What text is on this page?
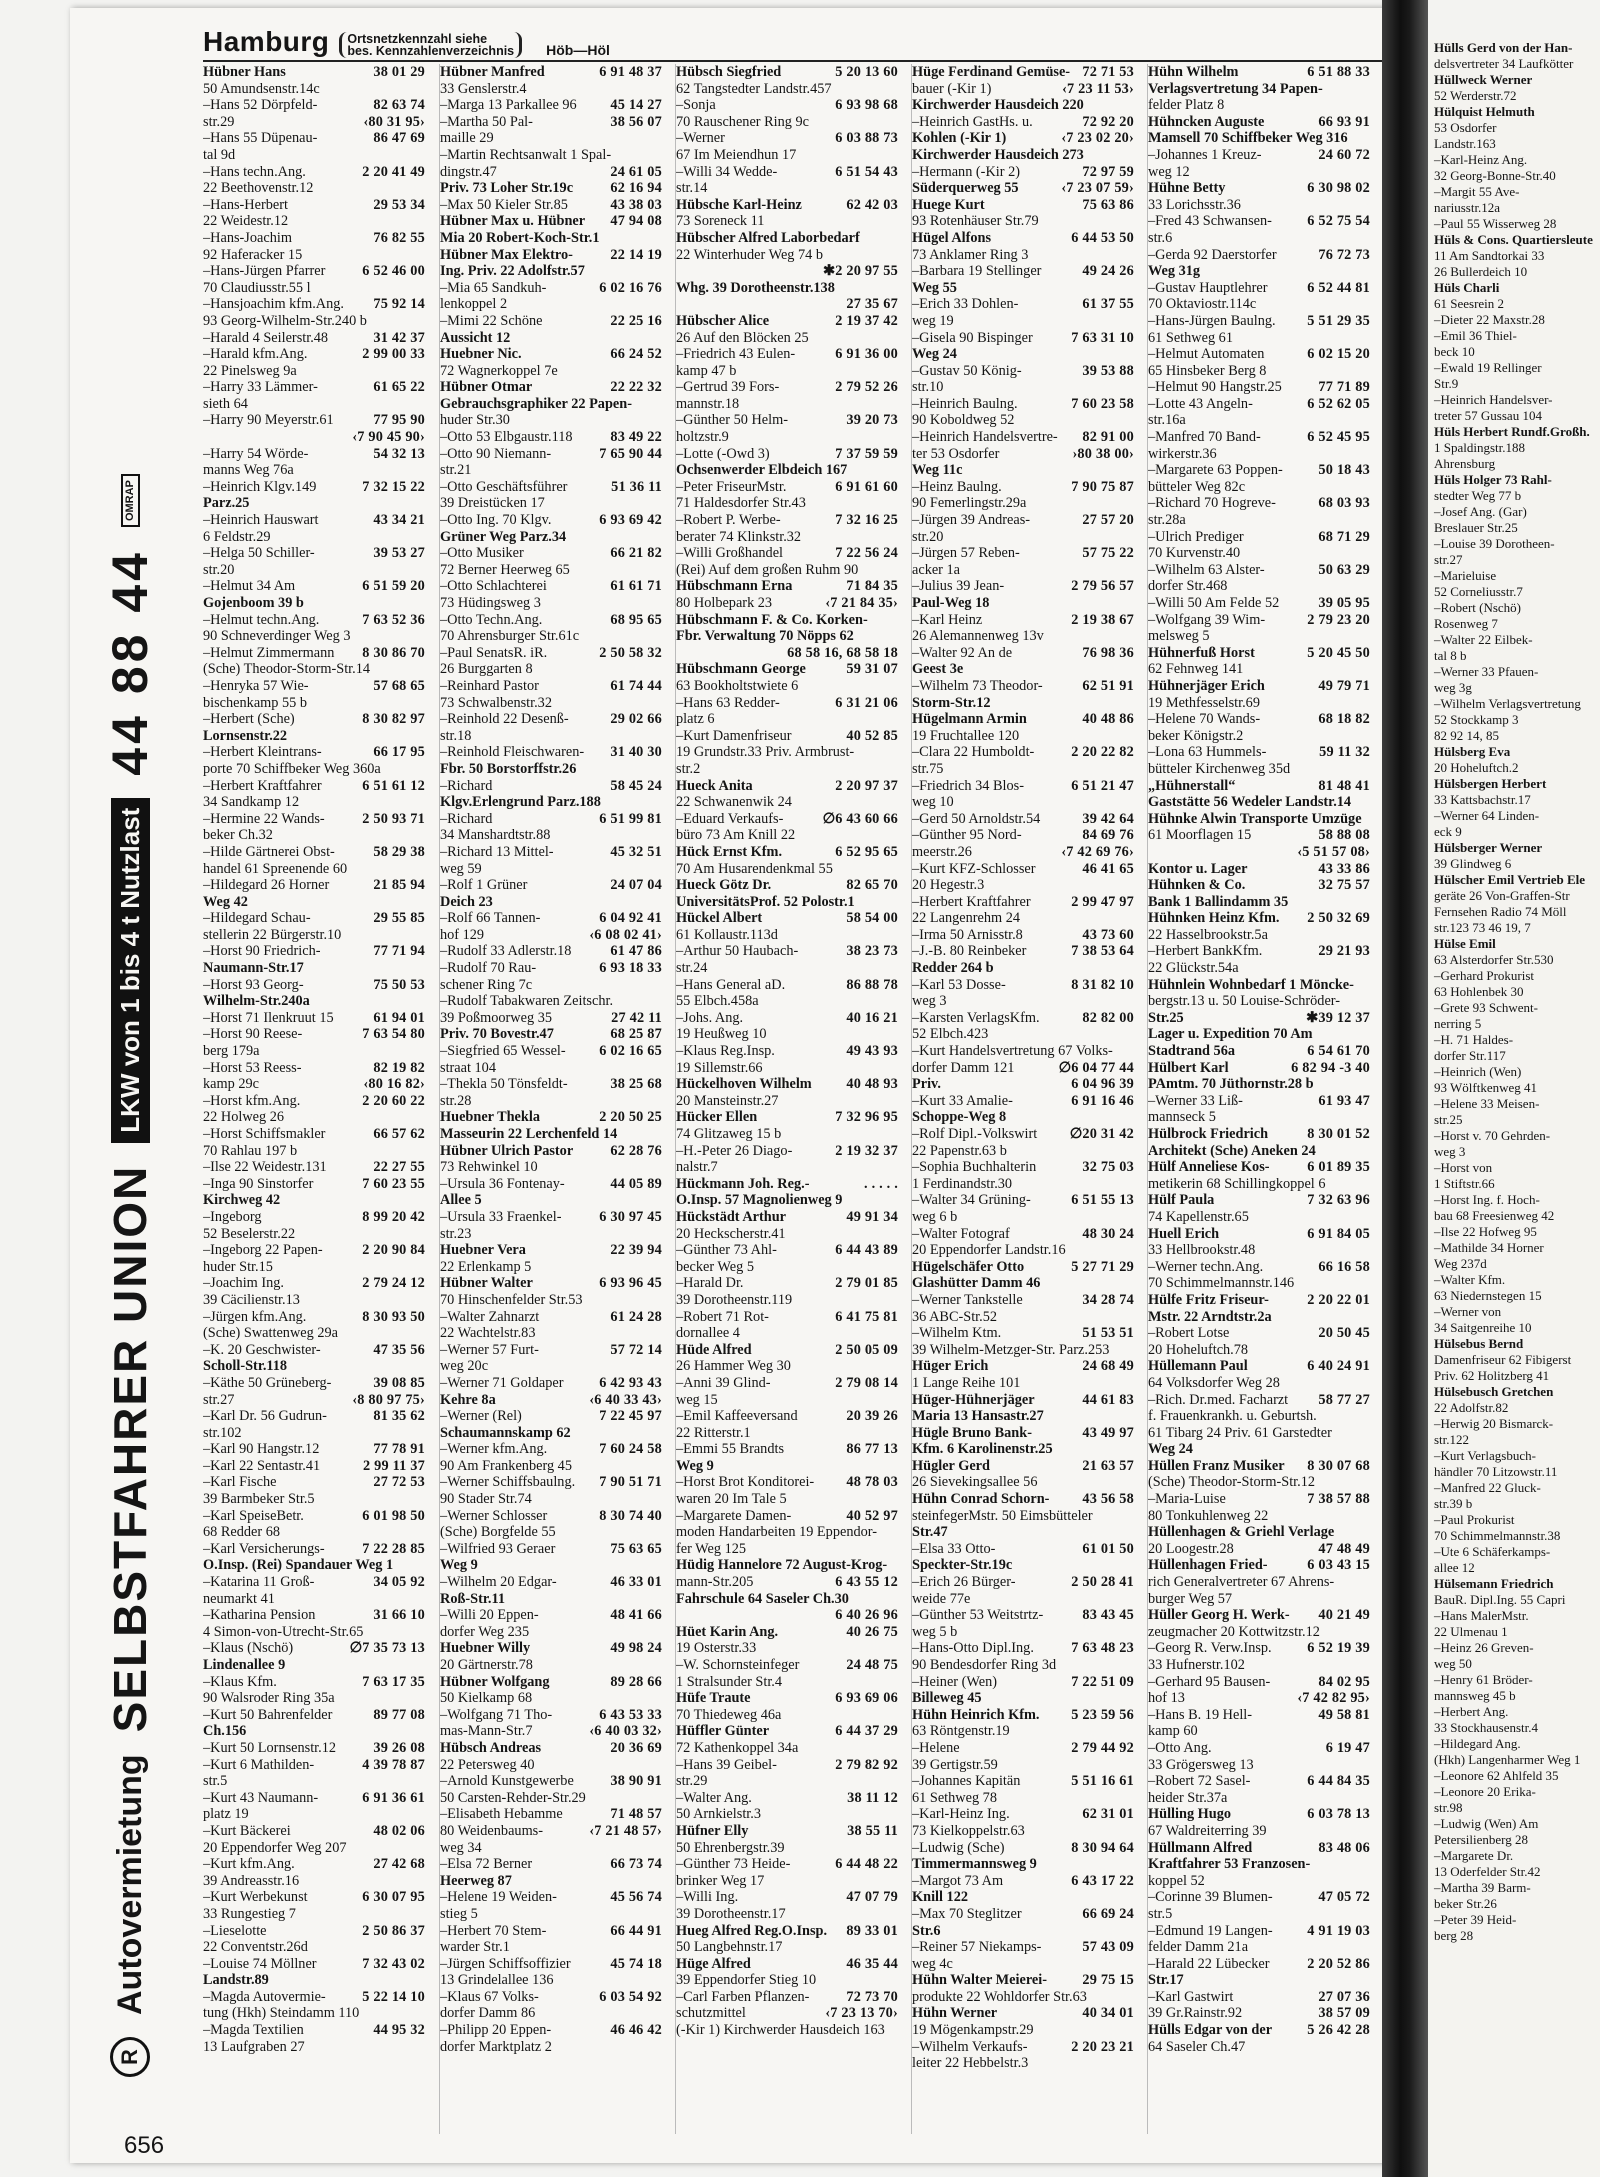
Hamburg	Ortsnetzkennzahl siehe
bes. Kennzahlenverzeichnis	Höb—Höl
R
Autovermietung
SELBSTFAHRER UNION
LKW von 1 bis 4 t Nutzlast
44 88 44
OMRAP
656
Hübner Hans	38 01 29
50 Amundsenstr.14c
–Hans 52 Dörpfeld-	82 63 74
str.29	‹80 31 95›
–Hans 55 Düpenau-	86 47 69
tal 9d
–Hans techn.Ang.	2 20 41 49
22 Beethovenstr.12
–Hans-Herbert	29 53 34
22 Weidestr.12
–Hans-Joachim	76 82 55
92 Haferacker 15
–Hans-Jürgen Pfarrer	6 52 46 00
70 Claudiusstr.55 l
–Hansjoachim kfm.Ang.	75 92 14
93 Georg-Wilhelm-Str.240 b
–Harald 4 Seilerstr.48	31 42 37
–Harald kfm.Ang.	2 99 00 33
22 Pinelsweg 9a
–Harry 33 Lämmer-	61 65 22
sieth 64
–Harry 90 Meyerstr.61	77 95 90
‹7 90 45 90›
–Harry 54 Wörde-	54 32 13
manns Weg 76a
–Heinrich Klgv.149	7 32 15 22
Parz.25
–Heinrich Hauswart	43 34 21
6 Feldstr.29
–Helga 50 Schiller-	39 53 27
str.20
–Helmut 34 Am	6 51 59 20
Gojenboom 39 b
–Helmut techn.Ang.	7 63 52 36
90 Schneverdinger Weg 3
–Helmut Zimmermann	8 30 86 70
(Sche) Theodor-Storm-Str.14
–Henryka 57 Wie-	57 68 65
bischenkamp 55 b
–Herbert (Sche)	8 30 82 97
Lornsenstr.22
–Herbert Kleintrans-	66 17 95
porte 70 Schiffbeker Weg 360a
–Herbert Kraftfahrer	6 51 61 12
34 Sandkamp 12
–Hermine 22 Wands-	2 50 93 71
beker Ch.32
–Hilde Gärtnerei Obst-	58 29 38
handel 61 Spreenende 60
–Hildegard 26 Horner	21 85 94
Weg 42
–Hildegard Schau-	29 55 85
stellerin 22 Bürgerstr.10
–Horst 90 Friedrich-	77 71 94
Naumann-Str.17
–Horst 93 Georg-	75 50 53
Wilhelm-Str.240a
–Horst 71 Ilenkruut 15	61 94 01
–Horst 90 Reese-	7 63 54 80
berg 179a
–Horst 53 Reess-	82 19 82
kamp 29c	‹80 16 82›
–Horst kfm.Ang.	2 20 60 22
22 Holweg 26
–Horst Schiffsmakler	66 57 62
70 Rahlau 197 b
–Ilse 22 Weidestr.131	22 27 55
–Inga 90 Sinstorfer	7 60 23 55
Kirchweg 42
–Ingeborg	8 99 20 42
52 Beselerstr.22
–Ingeborg 22 Papen-	2 20 90 84
huder Str.15
–Joachim Ing.	2 79 24 12
39 Cäcilienstr.13
–Jürgen kfm.Ang.	8 30 93 50
(Sche) Swattenweg 29a
–K. 20 Geschwister-	47 35 56
Scholl-Str.118
–Käthe 50 Grüneberg-	39 08 85
str.27	‹8 80 97 75›
–Karl Dr. 56 Gudrun-	81 35 62
str.102
–Karl 90 Hangstr.12	77 78 91
–Karl 22 Sentastr.41	2 99 11 37
–Karl Fische	27 72 53
39 Barmbeker Str.5
–Karl SpeiseBetr.	6 01 98 50
68 Redder 68
–Karl Versicherungs-	7 22 28 85
O.Insp. (Rei) Spandauer Weg 1
–Katarina 11 Groß-	34 05 92
neumarkt 41
–Katharina Pension	31 66 10
4 Simon-von-Utrecht-Str.65
–Klaus (Nschö)	∅7 35 73 13
Lindenallee 9
–Klaus Kfm.	7 63 17 35
90 Walsroder Ring 35a
–Kurt 50 Bahrenfelder	89 77 08
Ch.156
–Kurt 50 Lornsenstr.12	39 26 08
–Kurt 6 Mathilden-	4 39 78 87
str.5
–Kurt 43 Naumann-	6 91 36 61
platz 19
–Kurt Bäckerei	48 02 06
20 Eppendorfer Weg 207
–Kurt kfm.Ang.	27 42 68
39 Andreasstr.16
–Kurt Werbekunst	6 30 07 95
33 Rungestieg 7
–Lieselotte	2 50 86 37
22 Conventstr.26d
–Louise 74 Möllner	7 32 43 02
Landstr.89
–Magda Autovermie-	5 22 14 10
tung (Hkh) Steindamm 110
–Magda Textilien	44 95 32
13 Laufgraben 27
Hübner Manfred	6 91 48 37
33 Genslerstr.4
–Marga 13 Parkallee 96	45 14 27
–Martha 50 Pal-	38 56 07
maille 29
–Martin Rechtsanwalt 1 Spal-
dingstr.47	24 61 05
Priv. 73 Loher Str.19c	62 16 94
–Max 50 Kieler Str.85	43 38 03
Hübner Max u. Hübner	47 94 08
Mia 20 Robert-Koch-Str.1
Hübner Max Elektro-	22 14 19
Ing. Priv. 22 Adolfstr.57
–Mia 65 Sandkuh-	6 02 16 76
lenkoppel 2
–Mimi 22 Schöne	22 25 16
Aussicht 12
Huebner Nic.	66 24 52
72 Wagnerkoppel 7e
Hübner Otmar	22 22 32
Gebrauchsgraphiker 22 Papen-
huder Str.30
–Otto 53 Elbgaustr.118	83 49 22
–Otto 90 Niemann-	7 65 90 44
str.21
–Otto Geschäftsführer	51 36 11
39 Dreistücken 17
–Otto Ing. 70 Klgv.	6 93 69 42
Grüner Weg Parz.34
–Otto Musiker	66 21 82
72 Berner Heerweg 65
–Otto Schlachterei	61 61 71
73 Hüdingsweg 3
–Otto Techn.Ang.	68 95 65
70 Ahrensburger Str.61c
–Paul SenatsR. iR.	2 50 58 32
26 Burggarten 8
–Reinhard Pastor	61 74 44
73 Schwalbenstr.32
–Reinhold 22 Desenß-	29 02 66
str.18
–Reinhold Fleischwaren-	31 40 30
Fbr. 50 Borstorffstr.26
–Richard	58 45 24
Klgv.Erlengrund Parz.188
–Richard	6 51 99 81
34 Manshardtstr.88
–Richard 13 Mittel-	45 32 51
weg 59
–Rolf 1 Grüner	24 07 04
Deich 23
–Rolf 66 Tannen-	6 04 92 41
hof 129	‹6 08 02 41›
–Rudolf 33 Adlerstr.18	61 47 86
–Rudolf 70 Rau-	6 93 18 33
schener Ring 7c
–Rudolf Tabakwaren Zeitschr.
39 Poßmoorweg 35	27 42 11
Priv. 70 Bovestr.47	68 25 87
–Siegfried 65 Wessel-	6 02 16 65
straat 104
–Thekla 50 Tönsfeldt-	38 25 68
str.28
Huebner Thekla	2 20 50 25
Masseurin 22 Lerchenfeld 14
Hübner Ulrich Pastor	62 28 76
73 Rehwinkel 10
–Ursula 36 Fontenay-	44 05 89
Allee 5
–Ursula 33 Fraenkel-	6 30 97 45
str.23
Huebner Vera	22 39 94
22 Erlenkamp 5
Hübner Walter	6 93 96 45
70 Hinschenfelder Str.53
–Walter Zahnarzt	61 24 28
22 Wachtelstr.83
–Werner 57 Furt-	57 72 14
weg 20c
–Werner 71 Goldaper	6 42 93 43
Kehre 8a	‹6 40 33 43›
–Werner (Rel)	7 22 45 97
Schaumannskamp 62
–Werner kfm.Ang.	7 60 24 58
90 Am Frankenberg 45
–Werner Schiffsbaulng.	7 90 51 71
90 Stader Str.74
–Werner Schlosser	8 30 74 40
(Sche) Borgfelde 55
–Wilfried 93 Geraer	75 63 65
Weg 9
–Wilhelm 20 Edgar-	46 33 01
Roß-Str.11
–Willi 20 Eppen-	48 41 66
dorfer Weg 235
Huebner Willy	49 98 24
20 Gärtnerstr.78
Hübner Wolfgang	89 28 66
50 Kielkamp 68
–Wolfgang 71 Tho-	6 43 53 33
mas-Mann-Str.7	‹6 40 03 32›
Hübsch Andreas	20 36 69
22 Petersweg 40
–Arnold Kunstgewerbe	38 90 91
50 Carsten-Rehder-Str.29
–Elisabeth Hebamme	71 48 57
80 Weidenbaums-	‹7 21 48 57›
weg 34
–Elsa 72 Berner	66 73 74
Heerweg 87
–Helene 19 Weiden-	45 56 74
stieg 5
–Herbert 70 Stem-	66 44 91
warder Str.1
–Jürgen Schiffsoffizier	45 74 18
13 Grindelallee 136
–Klaus 67 Volks-	6 03 54 92
dorfer Damm 86
–Philipp 20 Eppen-	46 46 42
dorfer Marktplatz 2
Hübsch Siegfried	5 20 13 60
62 Tangstedter Landstr.457
–Sonja	6 93 98 68
70 Rauschener Ring 9c
–Werner	6 03 88 73
67 Im Meiendhun 17
–Willi 34 Wedde-	6 51 54 43
str.14
Hübsche Karl-Heinz	62 42 03
73 Soreneck 11
Hübscher Alfred Laborbedarf
22 Winterhuder Weg 74 b
✱2 20 97 55
Whg. 39 Dorotheenstr.138
27 35 67
Hübscher Alice	2 19 37 42
26 Auf den Blöcken 25
–Friedrich 43 Eulen-	6 91 36 00
kamp 47 b
–Gertrud 39 Fors-	2 79 52 26
mannstr.18
–Günther 50 Helm-	39 20 73
holtzstr.9
–Lotte (-Owd 3)	7 37 59 59
Ochsenwerder Elbdeich 167
–Peter FriseurMstr.	6 91 61 60
71 Haldesdorfer Str.43
–Robert P. Werbe-	7 32 16 25
berater 74 Klinkstr.32
–Willi Großhandel	7 22 56 24
(Rei) Auf dem großen Ruhm 90
Hübschmann Erna	71 84 35
80 Holbepark 23	‹7 21 84 35›
Hübschmann F. & Co. Korken-
Fbr. Verwaltung 70 Nöpps 62
68 58 16, 68 58 18
Hübschmann George	59 31 07
63 Bookholtstwiete 6
–Hans 63 Redder-	6 31 21 06
platz 6
–Kurt Damenfriseur	40 52 85
19 Grundstr.33 Priv. Armbrust-
str.2
Hueck Anita	2 20 97 37
22 Schwanenwik 24
–Eduard Verkaufs-	∅6 43 60 66
büro 73 Am Knill 22
Hück Ernst Kfm.	6 52 95 65
70 Am Husarendenkmal 55
Hueck Götz Dr.	82 65 70
UniversitätsProf. 52 Polostr.1
Hückel Albert	58 54 00
61 Kollaustr.113d
–Arthur 50 Haubach-	38 23 73
str.24
–Hans General aD.	86 88 78
55 Elbch.458a
–Johs. Ang.	40 16 21
19 Heußweg 10
–Klaus Reg.Insp.	49 43 93
19 Sillemstr.66
Hückelhoven Wilhelm	40 48 93
20 Mansteinstr.27
Hücker Ellen	7 32 96 95
74 Glitzaweg 15 b
–H.-Peter 26 Diago-	2 19 32 37
nalstr.7
Hückmann Joh. Reg.-	. . . . .
O.Insp. 57 Magnolienweg 9
Hückstädt Arthur	49 91 34
20 Heckscherstr.41
–Günther 73 Ahl-	6 44 43 89
becker Weg 5
–Harald Dr.	2 79 01 85
39 Dorotheenstr.119
–Robert 71 Rot-	6 41 75 81
dornallee 4
Hüde Alfred	2 50 05 09
26 Hammer Weg 30
–Anni 39 Glind-	2 79 08 14
weg 15
–Emil Kaffeeversand	20 39 26
22 Ritterstr.1
–Emmi 55 Brandts	86 77 13
Weg 9
–Horst Brot Konditorei-	48 78 03
waren 20 Im Tale 5
–Margarete Damen-	40 52 97
moden Handarbeiten 19 Eppendor-
fer Weg 125
Hüdig Hannelore 72 August-Krog-
mann-Str.205	6 43 55 12
Fahrschule 64 Saseler Ch.30
6 40 26 96
Hüet Karin Ang.	40 26 75
19 Osterstr.33
–W. Schornsteinfeger	24 48 75
1 Stralsunder Str.4
Hüfe Traute	6 93 69 06
70 Thiedeweg 46a
Hüffler Günter	6 44 37 29
72 Kathenkoppel 34a
–Hans 39 Geibel-	2 79 82 92
str.29
–Walter Ang.	38 11 12
50 Arnkielstr.3
Hüfner Elly	38 55 11
50 Ehrenbergstr.39
–Günther 73 Heide-	6 44 48 22
brinker Weg 17
–Willi Ing.	47 07 79
39 Dorotheenstr.17
Hueg Alfred Reg.O.Insp.	89 33 01
50 Langbehnstr.17
Hüge Alfred	46 35 44
39 Eppendorfer Stieg 10
–Carl Farben Pflanzen-	72 73 70
schutzmittel	‹7 23 13 70›
(-Kir 1) Kirchwerder Hausdeich 163
Hüge Ferdinand Gemüse- 72 71 53
bauer (-Kir 1)	‹7 23 11 53›
Kirchwerder Hausdeich 220
–Heinrich GastHs. u.	72 92 20
Kohlen (-Kir 1)	‹7 23 02 20›
Kirchwerder Hausdeich 273
–Hermann (-Kir 2)	72 97 59
Süderquerweg 55	‹7 23 07 59›
Huege Kurt	75 63 86
93 Rotenhäuser Str.79
Hügel Alfons	6 44 53 50
73 Anklamer Ring 3
–Barbara 19 Stellinger	49 24 26
Weg 55
–Erich 33 Dohlen-	61 37 55
weg 19
–Gisela 90 Bispinger	7 63 31 10
Weg 24
–Gustav 50 König-	39 53 88
str.10
–Heinrich Baulng.	7 60 23 58
90 Koboldweg 52
–Heinrich Handelsvertre-	82 91 00
ter 53 Osdorfer	›80 38 00›
Weg 11c
–Heinz Baulng.	7 90 75 87
90 Femerlingstr.29a
–Jürgen 39 Andreas-	27 57 20
str.20
–Jürgen 57 Reben-	57 75 22
acker 1a
–Julius 39 Jean-	2 79 56 57
Paul-Weg 18
–Karl Heinz	2 19 38 67
26 Alemannenweg 13v
–Walter 92 An de	76 98 36
Geest 3e
–Wilhelm 73 Theodor-	62 51 91
Storm-Str.12
Hügelmann Armin	40 48 86
19 Fruchtallee 120
–Clara 22 Humboldt-	2 20 22 82
str.75
–Friedrich 34 Blos-	6 51 21 47
weg 10
–Gerd 50 Arnoldstr.54	39 42 64
–Günther 95 Nord-	84 69 76
meerstr.26	‹7 42 69 76›
–Kurt KFZ-Schlosser	46 41 65
20 Hegestr.3
–Herbert Kraftfahrer	2 99 47 97
22 Langenrehm 24
–Irma 50 Arnisstr.8	43 73 60
–J.-B. 80 Reinbeker	7 38 53 64
Redder 264 b
–Karl 53 Dosse-	8 31 82 10
weg 3
–Karsten VerlagsKfm.	82 82 00
52 Elbch.423
–Kurt Handelsvertretung 67 Volks-
dorfer Damm 121	∅6 04 77 44
Priv.	6 04 96 39
–Kurt 33 Amalie-	6 91 16 46
Schoppe-Weg 8
–Rolf Dipl.-Volkswirt	∅20 31 42
22 Papenstr.63 b
–Sophia Buchhalterin	32 75 03
1 Ferdinandstr.30
–Walter 34 Grüning-	6 51 55 13
weg 6 b
–Walter Fotograf	48 30 24
20 Eppendorfer Landstr.16
Hügelschäfer Otto	5 27 71 29
Glashütter Damm 46
–Werner Tankstelle	34 28 74
36 ABC-Str.52
–Wilhelm Ktm.	51 53 51
39 Wilhelm-Metzger-Str. Parz.253
Hüger Erich	24 68 49
1 Lange Reihe 101
Hüger-Hühnerjäger	44 61 83
Maria 13 Hansastr.27
Hügle Bruno Bank-	43 49 97
Kfm. 6 Karolinenstr.25
Hügler Gerd	21 63 57
26 Sievekingsallee 56
Hühn Conrad Schorn-	43 56 58
steinfegerMstr. 50 Eimsbütteler
Str.47
–Elsa 33 Otto-	61 01 50
Speckter-Str.19c
–Erich 26 Bürger-	2 50 28 41
weide 77e
–Günther 53 Weitstrtz-	83 43 45
weg 5 b
–Hans-Otto Dipl.Ing.	7 63 48 23
90 Bendesdorfer Ring 3d
–Heiner (Wen)	7 22 51 09
Billeweg 45
Hühn Heinrich Kfm.	5 23 59 56
63 Röntgenstr.19
–Helene	2 79 44 92
39 Gertigstr.59
–Johannes Kapitän	5 51 16 61
61 Sethweg 78
–Karl-Heinz Ing.	62 31 01
73 Kielkoppelstr.63
–Ludwig (Sche)	8 30 94 64
Timmermannsweg 9
–Margot 73 Am	6 43 17 22
Knill 122
–Max 70 Steglitzer	66 69 24
Str.6
–Reiner 57 Niekamps-	57 43 09
weg 4c
Hühn Walter Meierei-	29 75 15
produkte 22 Wohldorfer Str.63
Hühn Werner	40 34 01
19 Mögenkampstr.29
–Wilhelm Verkaufs-	2 20 23 21
leiter 22 Hebbelstr.3
Hühn Wilhelm	6 51 88 33
Verlagsvertretung 34 Papen-
felder Platz 8
Hühncken Auguste	66 93 91
Mamsell 70 Schiffbeker Weg 316
–Johannes 1 Kreuz-	24 60 72
weg 12
Hühne Betty	6 30 98 02
33 Lorichsstr.36
–Fred 43 Schwansen-	6 52 75 54
str.6
–Gerda 92 Daerstorfer	76 72 73
Weg 31g
–Gustav Hauptlehrer	6 52 44 81
70 Oktaviostr.114c
–Hans-Jürgen Baulng.	5 51 29 35
61 Sethweg 61
–Helmut Automaten	6 02 15 20
65 Hinsbeker Berg 8
–Helmut 90 Hangstr.25	77 71 89
–Lotte 43 Angeln-	6 52 62 05
str.16a
–Manfred 70 Band-	6 52 45 95
wirkerstr.36
–Margarete 63 Poppen-	50 18 43
bütteler Weg 82c
–Richard 70 Hogreve-	68 03 93
str.28a
–Ulrich Prediger	68 71 29
70 Kurvenstr.40
–Wilhelm 63 Alster-	50 63 29
dorfer Str.468
–Willi 50 Am Felde 52	39 05 95
–Wolfgang 39 Wim-	2 79 23 20
melsweg 5
Hühnerfuß Horst	5 20 45 50
62 Fehnweg 141
Hühnerjäger Erich	49 79 71
19 Methfesselstr.69
–Helene 70 Wands-	68 18 82
beker Königstr.2
–Lona 63 Hummels-	59 11 32
bütteler Kirchenweg 35d
„Hühnerstall“	81 48 41
Gaststätte 56 Wedeler Landstr.14
Hühnke Alwin Transporte Umzüge
61 Moorflagen 15	58 88 08
‹5 51 57 08›
Kontor u. Lager	43 33 86
Hühnken & Co.	32 75 57
Bank 1 Ballindamm 35
Hühnken Heinz Kfm.	2 50 32 69
22 Hasselbrookstr.5a
–Herbert BankKfm.	29 21 93
22 Glückstr.54a
Hühnlein Wohnbedarf 1 Möncke-
bergstr.13 u. 50 Louise-Schröder-
Str.25	✱39 12 37
Lager u. Expedition 70 Am
Stadtrand 56a	6 54 61 70
Hülbert Karl	6 82 94 -3 40
PAmtm. 70 Jüthornstr.28 b
–Werner 33 Liß-	61 93 47
mannseck 5
Hülbrock Friedrich	8 30 01 52
Architekt (Sche) Aneken 24
Hülf Anneliese Kos-	6 01 89 35
metikerin 68 Schillingkoppel 6
Hülf Paula	7 32 63 96
74 Kapellenstr.65
Huell Erich	6 91 84 05
33 Hellbrookstr.48
–Werner techn.Ang.	66 16 58
70 Schimmelmannstr.146
Hülfe Fritz Friseur-	2 20 22 01
Mstr. 22 Arndtstr.2a
–Robert Lotse	20 50 45
20 Hoheluftch.78
Hüllemann Paul	6 40 24 91
64 Volksdorfer Weg 28
–Rich. Dr.med. Facharzt	58 77 27
f. Frauenkrankh. u. Geburtsh.
61 Tibarg 24 Priv. 61 Garstedter
Weg 24
Hüllen Franz Musiker	8 30 07 68
(Sche) Theodor-Storm-Str.12
–Maria-Luise	7 38 57 88
80 Tonkuhlenweg 22
Hüllenhagen & Griehl Verlage
20 Loogestr.28	47 48 49
Hüllenhagen Fried-	6 03 43 15
rich Generalvertreter 67 Ahrens-
burger Weg 57
Hüller Georg H. Werk-	40 21 49
zeugmacher 20 Kottwitzstr.12
–Georg R. Verw.Insp.	6 52 19 39
33 Hufnerstr.102
–Gerhard 95 Bausen-	84 02 95
hof 13	‹7 42 82 95›
–Hans B. 19 Hell-	49 58 81
kamp 60
–Otto Ang.	6 19 47
33 Grögersweg 13
–Robert 72 Sasel-	6 44 84 35
heider Str.37a
Hülling Hugo	6 03 78 13
67 Waldreiterring 39
Hüllmann Alfred	83 48 06
Kraftfahrer 53 Franzosen-
koppel 52
–Corinne 39 Blumen-	47 05 72
str.5
–Edmund 19 Langen-	4 91 19 03
felder Damm 21a
–Harald 22 Lübecker	2 20 52 86
Str.17
–Karl Gastwirt	27 07 36
39 Gr.Rainstr.92	38 57 09
Hülls Edgar von der	5 26 42 28
64 Saseler Ch.47
Hülls Gerd von der Han-
delsvertreter 34 Laufkötter
Hüllweck Werner
52 Werderstr.72
Hülquist Helmuth
53 Osdorfer
Landstr.163
–Karl-Heinz Ang.
32 Georg-Bonne-Str.40
–Margit 55 Ave-
nariusstr.12a
–Paul 55 Wisserweg 28
Hüls & Cons. Quartiersleute
11 Am Sandtorkai 33
26 Bullerdeich 10
Hüls Charli
61 Seesrein 2
–Dieter 22 Maxstr.28
–Emil 36 Thiel-
beck 10
–Ewald 19 Rellinger
Str.9
–Heinrich Handelsver-
treter 57 Gussau 104
Hüls Herbert Rundf.Großh.
1 Spaldingstr.188
Ahrensburg
Hüls Holger 73 Rahl-
stedter Weg 77 b
–Josef Ang. (Gar)
Breslauer Str.25
–Louise 39 Dorotheen-
str.27
–Marieluise
52 Corneliusstr.7
–Robert (Nschö)
Rosenweg 7
–Walter 22 Eilbek-
tal 8 b
–Werner 33 Pfauen-
weg 3g
–Wilhelm Verlagsvertretung
52 Stockkamp 3
82 92 14, 85
Hülsberg Eva
20 Hoheluftch.2
Hülsbergen Herbert
33 Kattsbachstr.17
–Werner 64 Linden-
eck 9
Hülsberger Werner
39 Glindweg 6
Hülscher Emil Vertrieb Ele
geräte 26 Von-Graffen-Str
Fernsehen Radio 74 Möll
str.123 73 46 19, 7
Hülse Emil
63 Alsterdorfer Str.530
–Gerhard Prokurist
63 Hohlenbek 30
–Grete 93 Schwent-
nerring 5
–H. 71 Haldes-
dorfer Str.117
–Heinrich (Wen)
93 Wölftkenweg 41
–Helene 33 Meisen-
str.25
–Horst v. 70 Gehrden-
weg 3
–Horst von
1 Stiftstr.66
–Horst Ing. f. Hoch-
bau 68 Freesienweg 42
–Ilse 22 Hofweg 95
–Mathilde 34 Horner
Weg 237d
–Walter Kfm.
63 Niedernstegen 15
–Werner von
34 Saitgenreihe 10
Hülsebus Bernd
Damenfriseur 62 Fibigerst
Priv. 62 Holitzberg 41
Hülsebusch Gretchen
22 Adolfstr.82
–Herwig 20 Bismarck-
str.122
–Kurt Verlagsbuch-
händler 70 Litzowstr.11
–Manfred 22 Gluck-
str.39 b
–Paul Prokurist
70 Schimmelmannstr.38
–Ute 6 Schäferkamps-
allee 12
Hülsemann Friedrich
BauR. Dipl.Ing. 55 Capri
–Hans MalerMstr.
22 Ulmenau 1
–Heinz 26 Greven-
weg 50
–Henry 61 Bröder-
mannsweg 45 b
–Herbert Ang.
33 Stockhausenstr.4
–Hildegard Ang.
(Hkh) Langenharmer Weg 1
–Leonore 62 Ahlfeld 35
–Leonore 20 Erika-
str.98
–Ludwig (Wen) Am
Petersilienberg 28
–Margarete Dr.
13 Oderfelder Str.42
–Martha 39 Barm-
beker Str.26
–Peter 39 Heid-
berg 28
